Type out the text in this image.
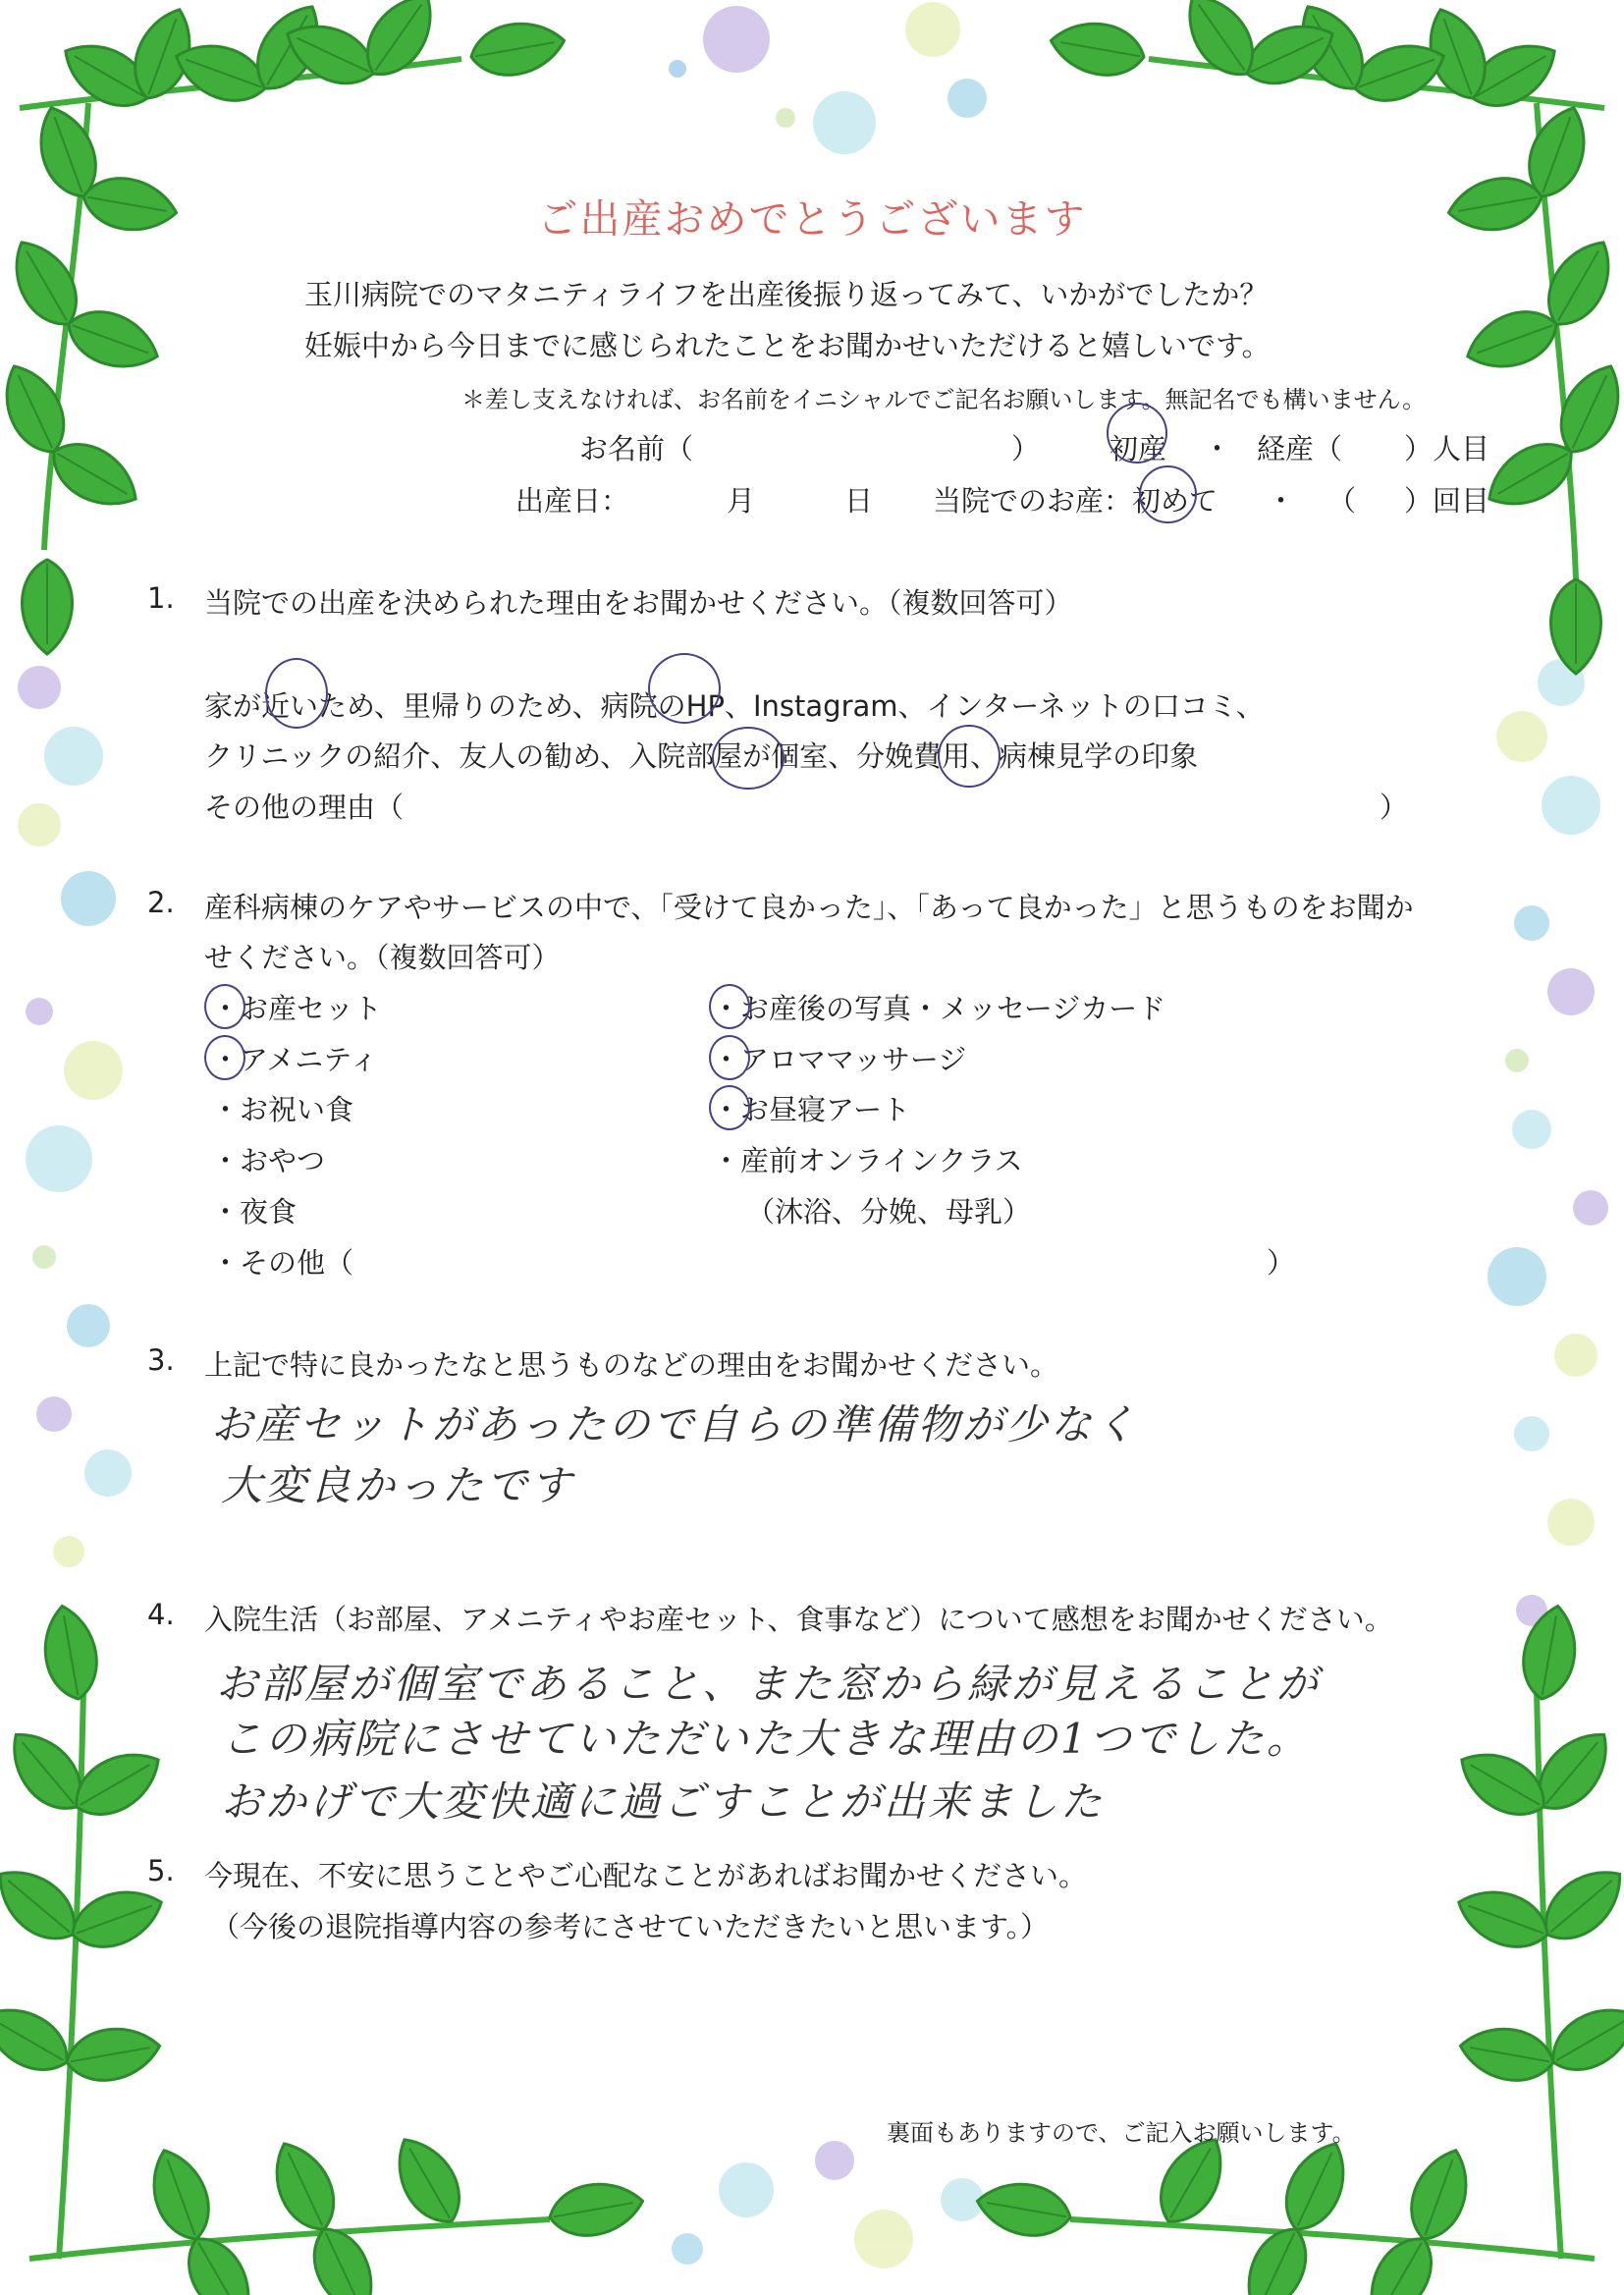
ご出産おめでとうございます
玉川病院でのマタニティライフを出産後振り返ってみて、いかがでしたか？
妊娠中から今日までに感じられたことをお聞かせいただけると嬉しいです。
＊差し支えなければ、お名前をイニシャルでご記名お願いします。無記名でも構いません。
お名前（	） 初産 ・ 経産（ ）人目
出産日：	月	日 当院でのお産：初めて ・ （ ）回目
1. 当院での出産を決められた理由をお聞かせください。（複数回答可）
家が近いため、里帰りのため、病院のHP、Instagram、インターネットの口コミ、
クリニックの紹介、友人の勧め、入院部屋が個室、分娩費用、病棟見学の印象
その他の理由（	）
2. 産科病棟のケアやサービスの中で、「受けて良かった」、「あって良かった」と思うものをお聞か
せください。（複数回答可）
・お産セット
・アメニティ
・お祝い食
・おやつ
・夜食
・その他（	）
・お産後の写真・メッセージカード
・アロママッサージ
・お昼寝アート
・産前オンラインクラス
（沐浴、分娩、母乳）
3. 上記で特に良かったなと思うものなどの理由をお聞かせください。
お産セットがあったので自らの準備物が少なく
大変良かったです
4. 入院生活（お部屋、アメニティやお産セット、食事など）について感想をお聞かせください。
お部屋が個室であること、また窓から緑が見えることが
この病院にさせていただいた大きな理由の1つでした。
おかげで大変快適に過ごすことが出来ました
5. 今現在、不安に思うことやご心配なことがあればお聞かせください。
（今後の退院指導内容の参考にさせていただきたいと思います。）
裏面もありますので、ご記入お願いします。
